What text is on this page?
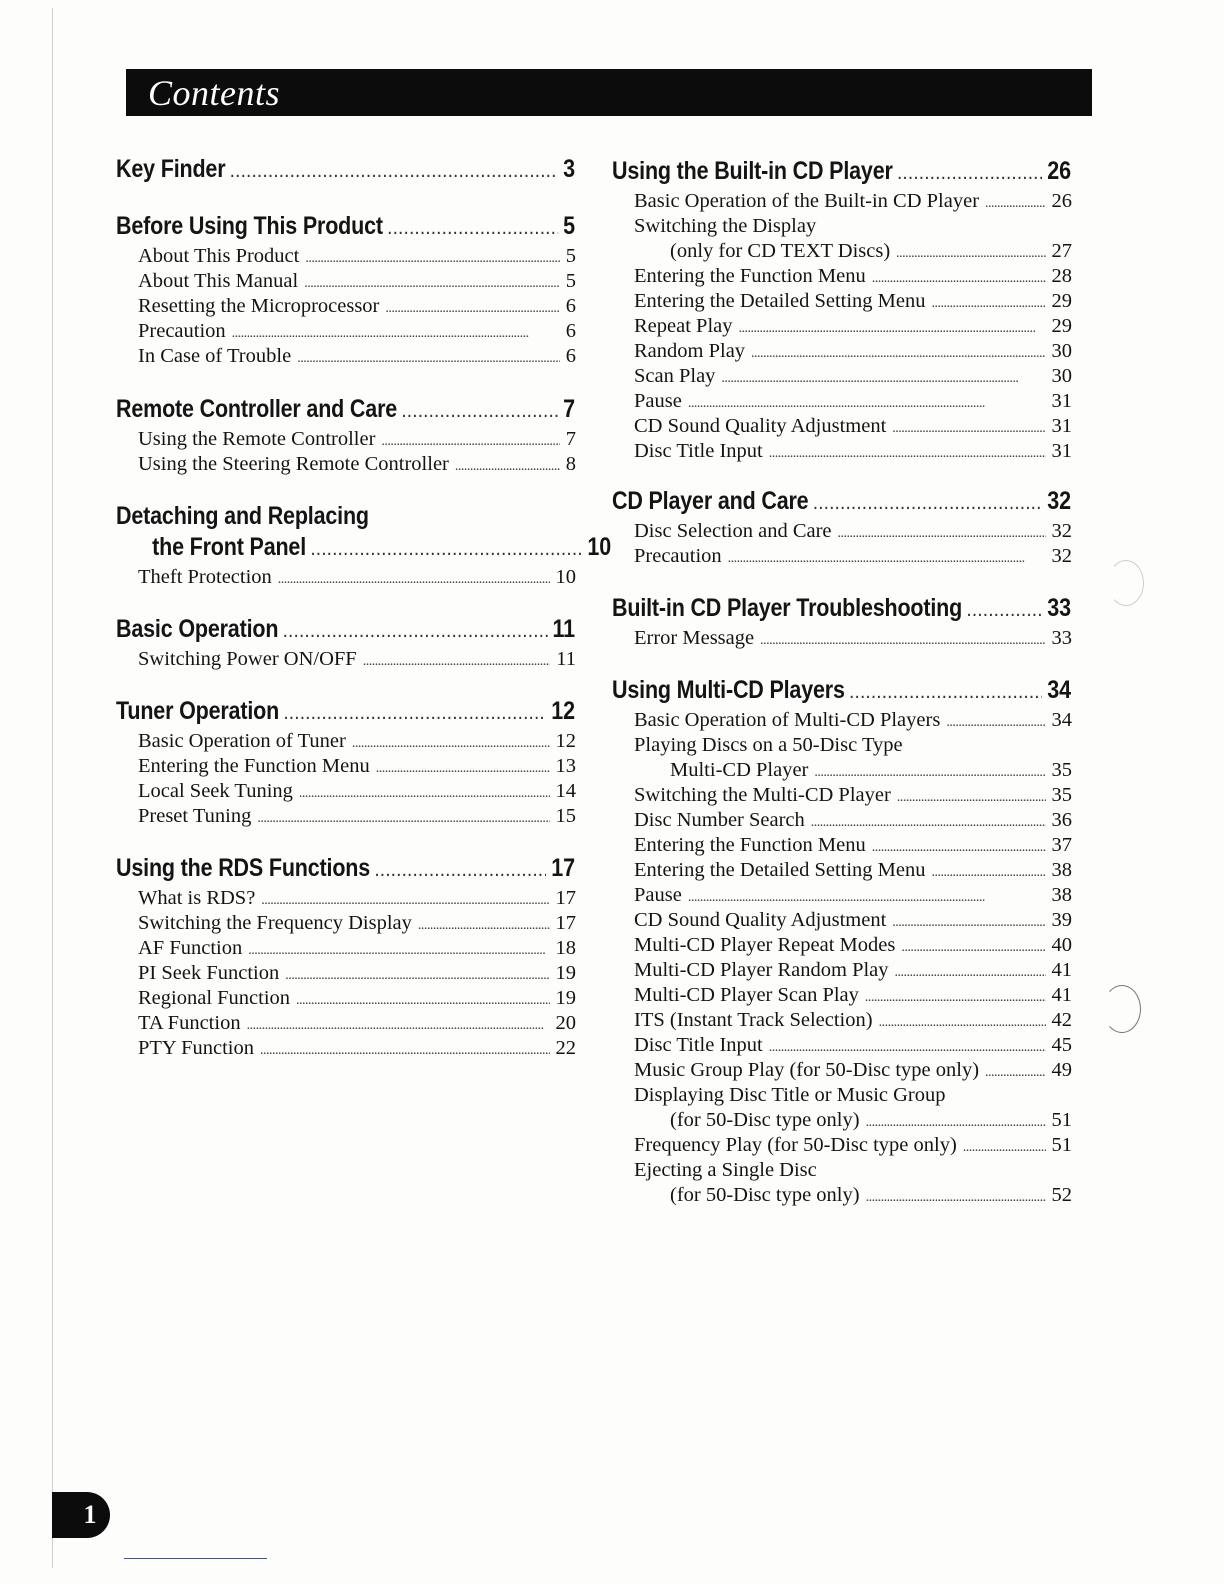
Contents
Key Finder . . .	3
Before Using This Product . . .	5
About This Product . . .	5
About This Manual . . .	5
Resetting the Microprocessor . . .	6
Precaution . . .	6
In Case of Trouble . . .	6
Remote Controller and Care . . .	7
Using the Remote Controller . . .	7
Using the Steering Remote Controller . . .	8
Detaching and Replacing
the Front Panel . . .	10
Theft Protection . . .	10
Basic Operation . . .	11
Switching Power ON/OFF . . .	11
Tuner Operation . . .	12
Basic Operation of Tuner . . .	12
Entering the Function Menu . . .	13
Local Seek Tuning . . .	14
Preset Tuning . . .	15
Using the RDS Functions . . .	17
What is RDS? . . .	17
Switching the Frequency Display . . .	17
AF Function . . .	18
PI Seek Function . . .	19
Regional Function . . .	19
TA Function . . .	20
PTY Function . . .	22
Using the Built-in CD Player . . .	26
Basic Operation of the Built-in CD Player . . .	26
Switching the Display
(only for CD TEXT Discs) . . .	27
Entering the Function Menu . . .	28
Entering the Detailed Setting Menu . . .	29
Repeat Play . . .	29
Random Play . . .	30
Scan Play . . .	30
Pause . . .	31
CD Sound Quality Adjustment . . .	31
Disc Title Input . . .	31
CD Player and Care . . .	32
Disc Selection and Care . . .	32
Precaution . . .	32
Built-in CD Player Troubleshooting . . .	33
Error Message . . .	33
Using Multi-CD Players . . .	34
Basic Operation of Multi-CD Players . . .	34
Playing Discs on a 50-Disc Type
Multi-CD Player . . .	35
Switching the Multi-CD Player . . .	35
Disc Number Search . . .	36
Entering the Function Menu . . .	37
Entering the Detailed Setting Menu . . .	38
Pause . . .	38
CD Sound Quality Adjustment . . .	39
Multi-CD Player Repeat Modes . . .	40
Multi-CD Player Random Play . . .	41
Multi-CD Player Scan Play . . .	41
ITS (Instant Track Selection) . . .	42
Disc Title Input . . .	45
Music Group Play (for 50-Disc type only) . . .	49
Displaying Disc Title or Music Group
(for 50-Disc type only) . . .	51
Frequency Play (for 50-Disc type only) . . .	51
Ejecting a Single Disc
(for 50-Disc type only) . . .	52
1
